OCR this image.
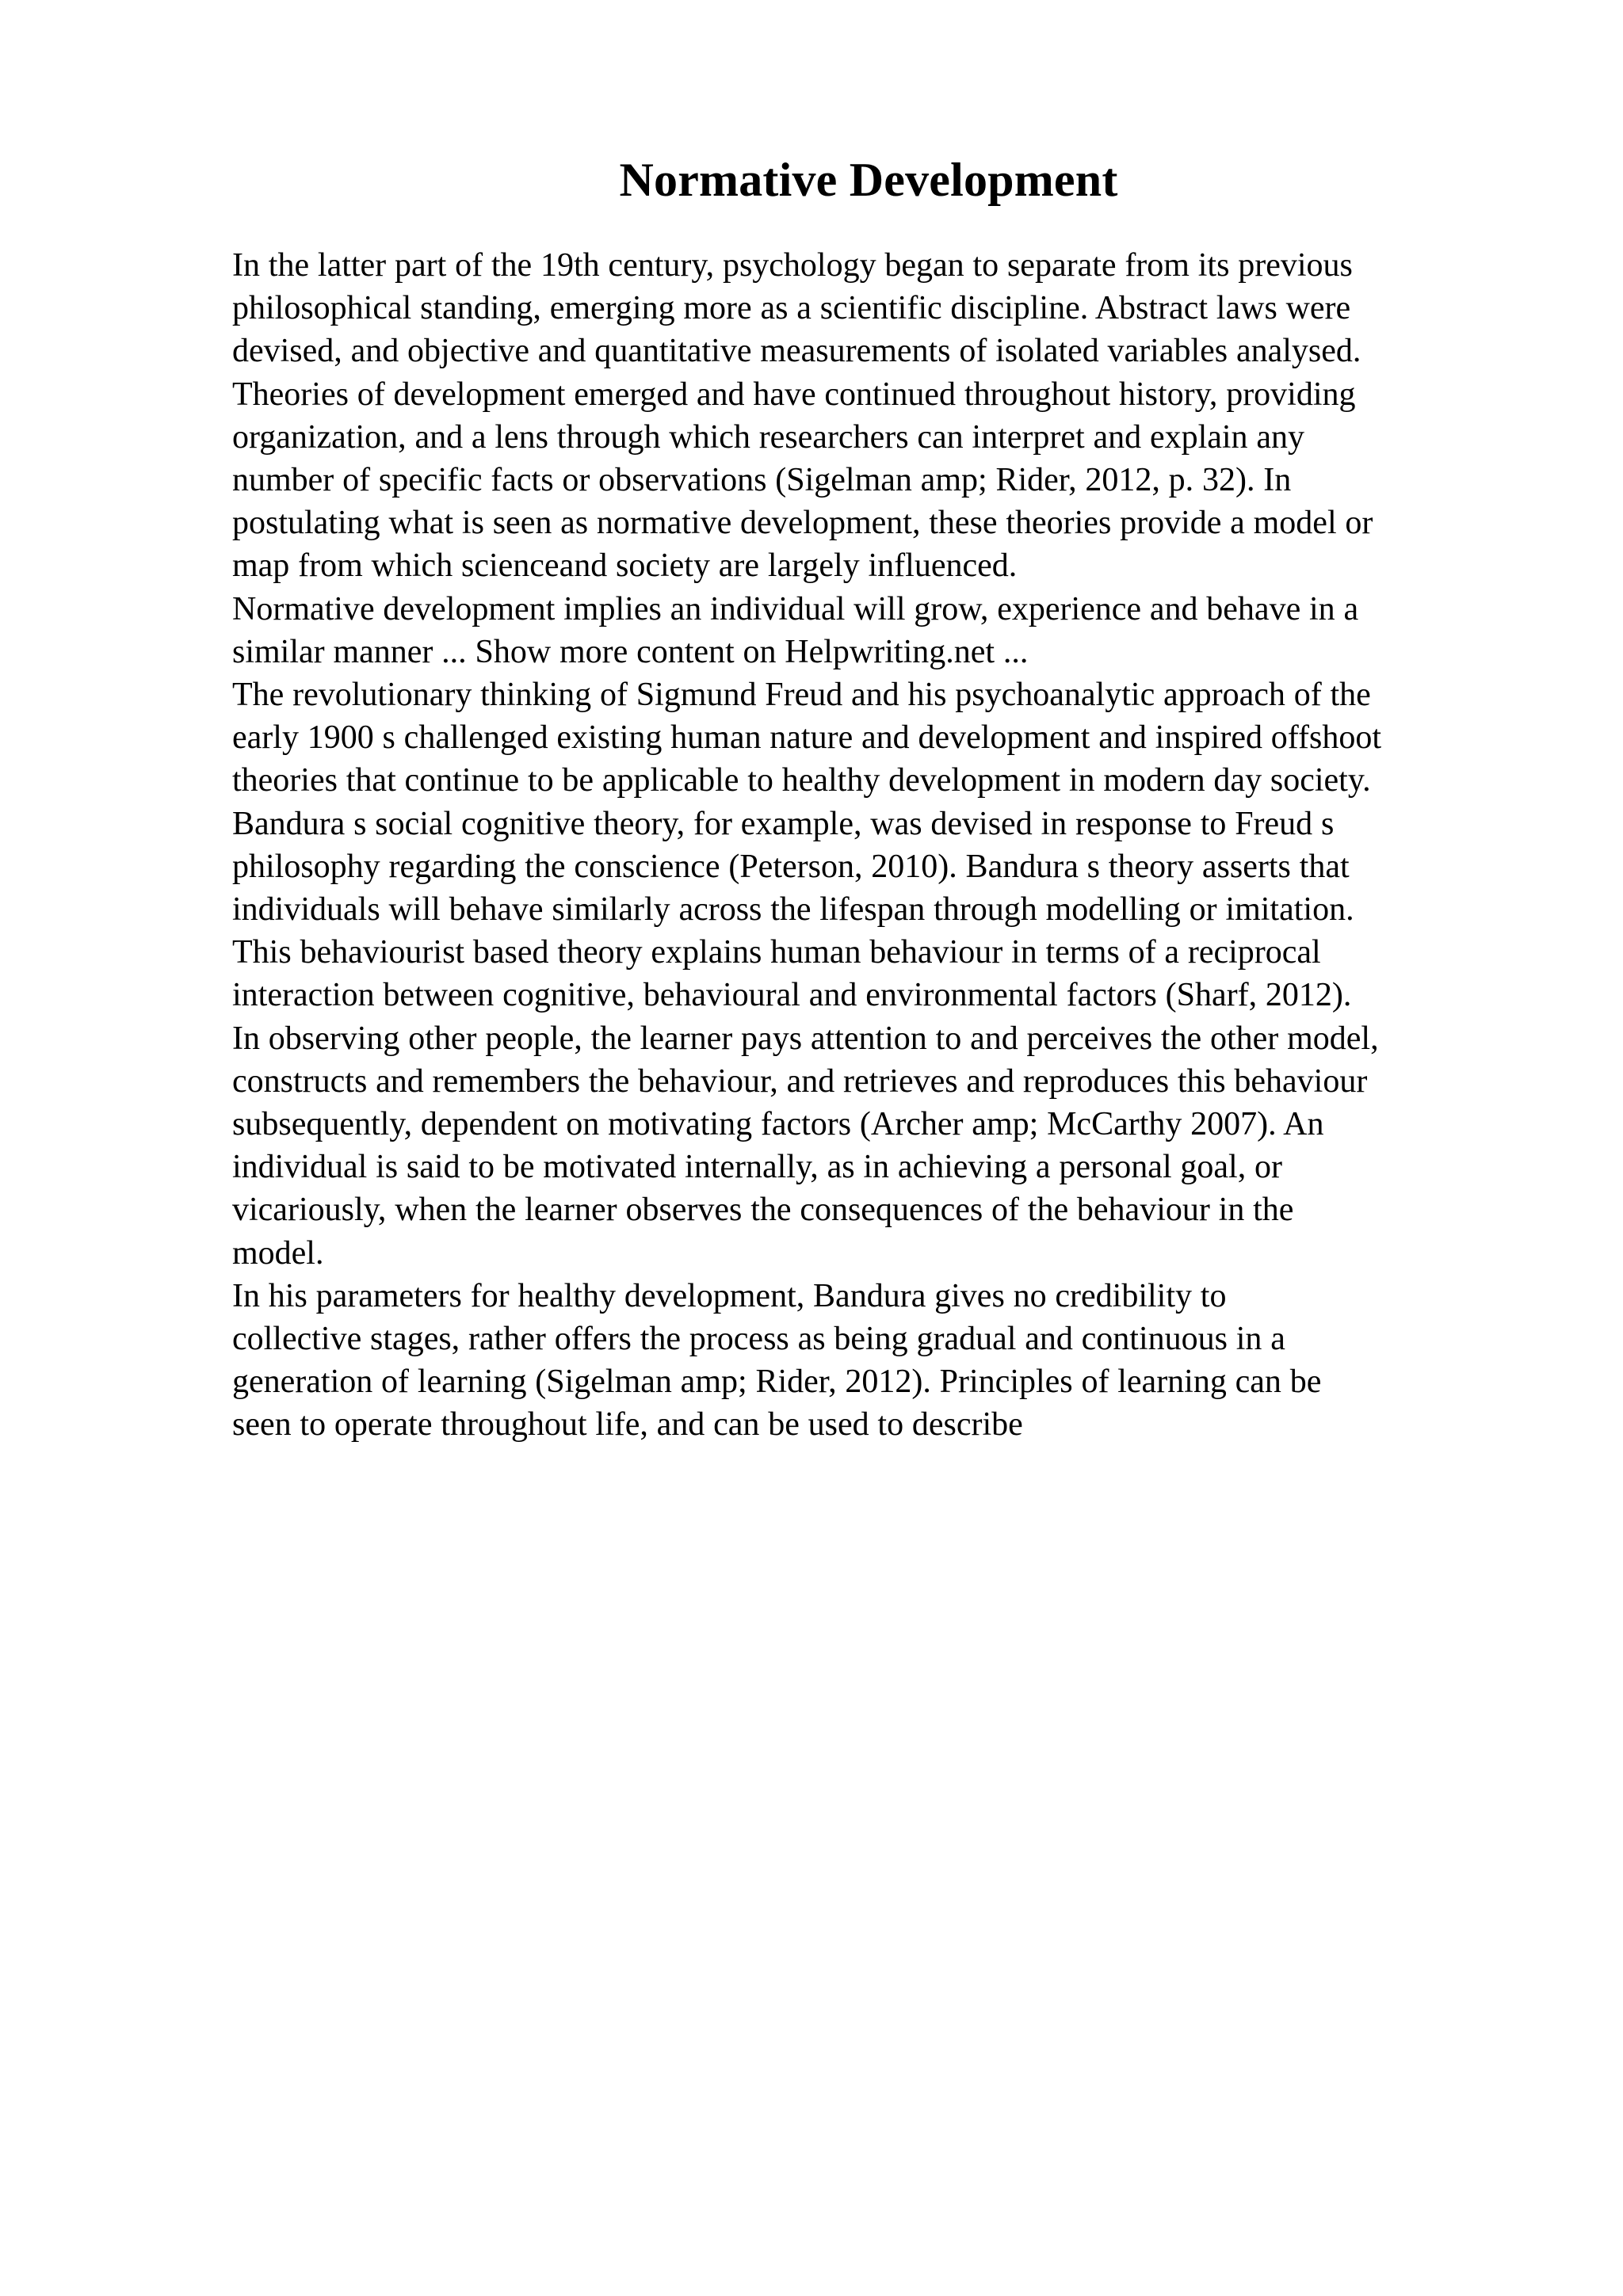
Normative Development
In the latter part of the 19th century, psychology began to separate from its previous
philosophical standing, emerging more as a scientific discipline. Abstract laws were
devised, and objective and quantitative measurements of isolated variables analysed.
Theories of development emerged and have continued throughout history, providing
organization, and a lens through which researchers can interpret and explain any
number of specific facts or observations (Sigelman amp; Rider, 2012, p. 32). In
postulating what is seen as normative development, these theories provide a model or
map from which scienceand society are largely influenced.
Normative development implies an individual will grow, experience and behave in a
similar manner ... Show more content on Helpwriting.net ...
The revolutionary thinking of Sigmund Freud and his psychoanalytic approach of the
early 1900 s challenged existing human nature and development and inspired offshoot
theories that continue to be applicable to healthy development in modern day society.
Bandura s social cognitive theory, for example, was devised in response to Freud s
philosophy regarding the conscience (Peterson, 2010). Bandura s theory asserts that
individuals will behave similarly across the lifespan through modelling or imitation.
This behaviourist based theory explains human behaviour in terms of a reciprocal
interaction between cognitive, behavioural and environmental factors (Sharf, 2012).
In observing other people, the learner pays attention to and perceives the other model,
constructs and remembers the behaviour, and retrieves and reproduces this behaviour
subsequently, dependent on motivating factors (Archer amp; McCarthy 2007). An
individual is said to be motivated internally, as in achieving a personal goal, or
vicariously, when the learner observes the consequences of the behaviour in the
model.
In his parameters for healthy development, Bandura gives no credibility to
collective stages, rather offers the process as being gradual and continuous in a
generation of learning (Sigelman amp; Rider, 2012). Principles of learning can be
seen to operate throughout life, and can be used to describe
